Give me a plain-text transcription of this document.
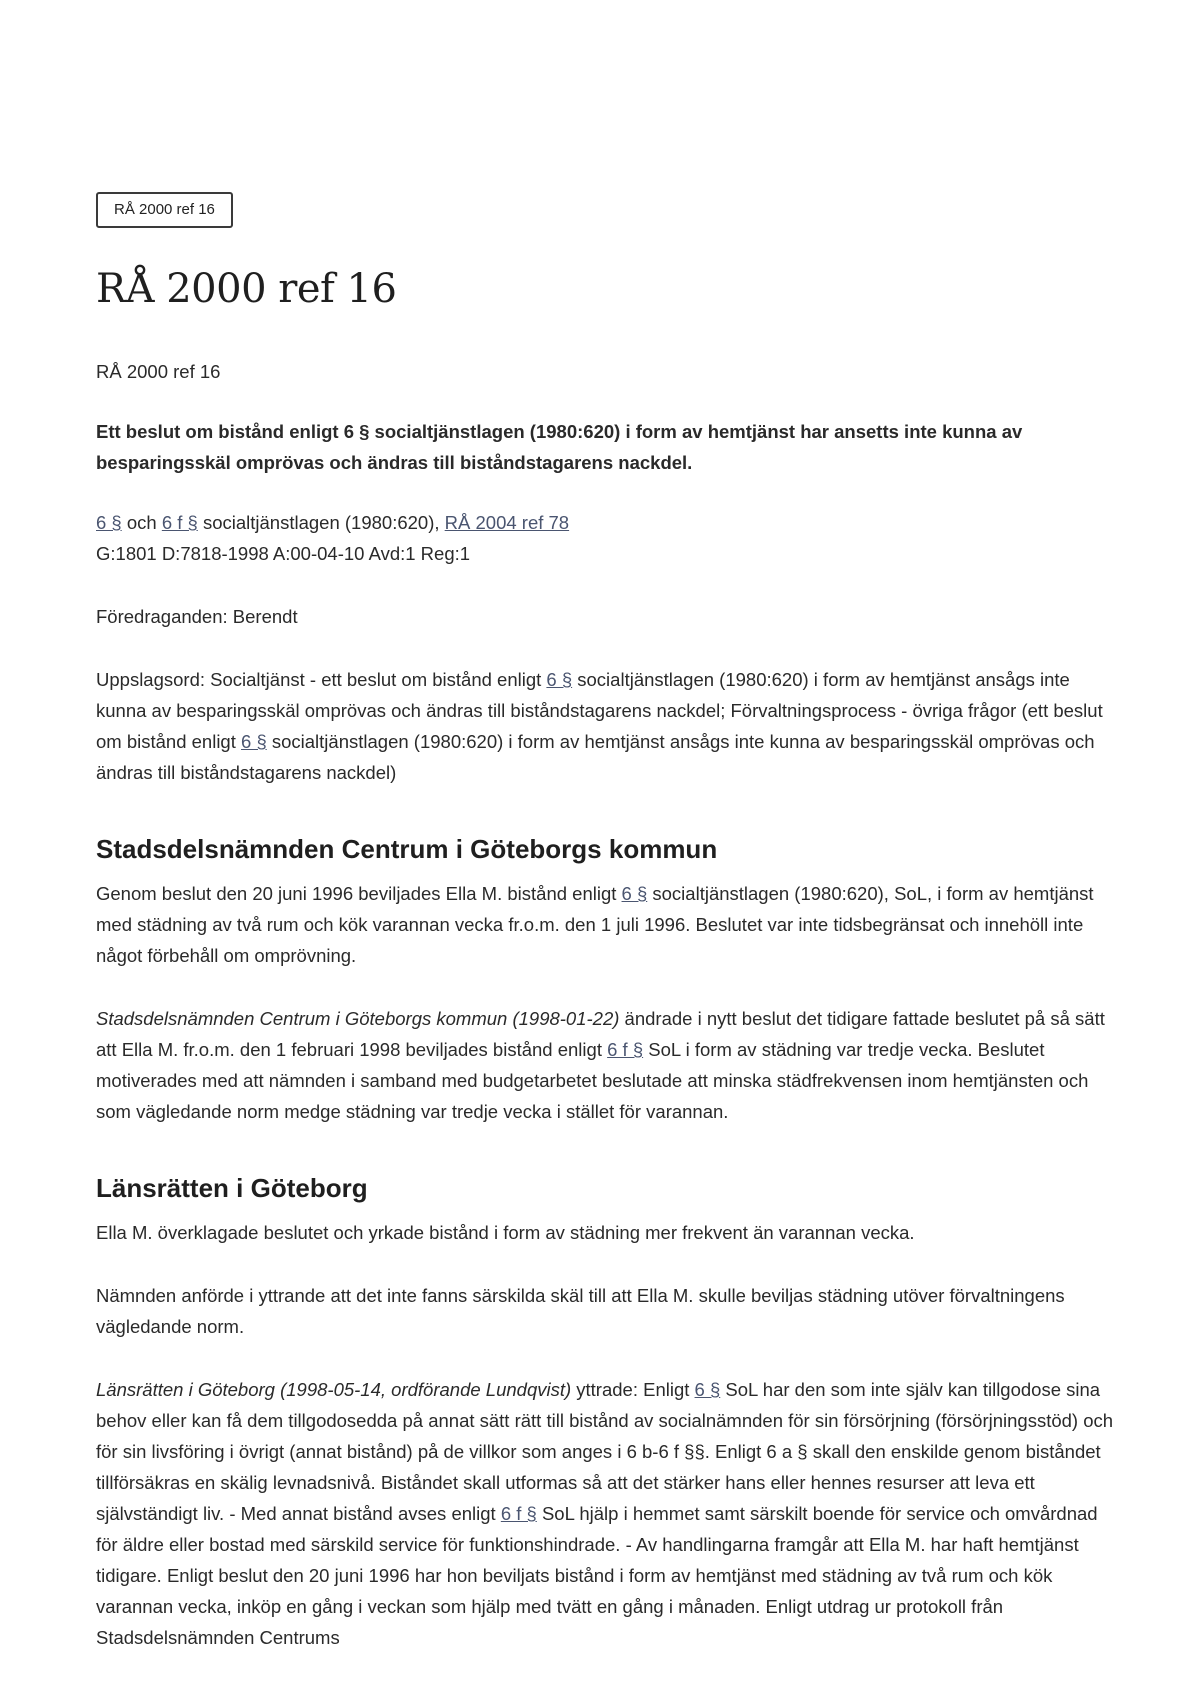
RÅ 2000 ref 16
RÅ 2000 ref 16

RÅ 2000 ref 16

Ett beslut om bistånd enligt 6 § socialtjänstlagen (1980:620) i form av hemtjänst har ansetts inte kunna av besparingsskäl omprövas och ändras till biståndstagarens nackdel.

6 § och 6 f § socialtjänstlagen (1980:620), RÅ 2004 ref 78
G:1801 D:7818-1998 A:00-04-10 Avd:1 Reg:1

Föredraganden: Berendt

Uppslagsord: Socialtjänst - ett beslut om bistånd enligt 6 § socialtjänstlagen (1980:620) i form av hemtjänst ansågs inte kunna av besparingsskäl omprövas och ändras till biståndstagarens nackdel; Förvaltningsprocess - övriga frågor (ett beslut om bistånd enligt 6 § socialtjänstlagen (1980:620) i form av hemtjänst ansågs inte kunna av besparingsskäl omprövas och ändras till biståndstagarens nackdel)

Stadsdelsnämnden Centrum i Göteborgs kommun

Genom beslut den 20 juni 1996 beviljades Ella M. bistånd enligt 6 § socialtjänstlagen (1980:620), SoL, i form av hemtjänst med städning av två rum och kök varannan vecka fr.o.m. den 1 juli 1996. Beslutet var inte tidsbegränsat och innehöll inte något förbehåll om omprövning.

Stadsdelsnämnden Centrum i Göteborgs kommun (1998-01-22) ändrade i nytt beslut det tidigare fattade beslutet på så sätt att Ella M. fr.o.m. den 1 februari 1998 beviljades bistånd enligt 6 f § SoL i form av städning var tredje vecka. Beslutet motiverades med att nämnden i samband med budgetarbetet beslutade att minska städfrekvensen inom hemtjänsten och som vägledande norm medge städning var tredje vecka i stället för varannan.

Länsrätten i Göteborg

Ella M. överklagade beslutet och yrkade bistånd i form av städning mer frekvent än varannan vecka.

Nämnden anförde i yttrande att det inte fanns särskilda skäl till att Ella M. skulle beviljas städning utöver förvaltningens vägledande norm.

Länsrätten i Göteborg (1998-05-14, ordförande Lundqvist) yttrade: Enligt 6 § SoL har den som inte själv kan tillgodose sina behov eller kan få dem tillgodosedda på annat sätt rätt till bistånd av socialnämnden för sin försörjning (försörjningsstöd) och för sin livsföring i övrigt (annat bistånd) på de villkor som anges i 6 b-6 f §§. Enligt 6 a § skall den enskilde genom biståndet tillförsäkras en skälig levnadsnivå. Biståndet skall utformas så att det stärker hans eller hennes resurser att leva ett självständigt liv. - Med annat bistånd avses enligt 6 f § SoL hjälp i hemmet samt särskilt boende för service och omvårdnad för äldre eller bostad med särskild service för funktionshindrade. - Av handlingarna framgår att Ella M. har haft hemtjänst tidigare. Enligt beslut den 20 juni 1996 har hon beviljats bistånd i form av hemtjänst med städning av två rum och kök varannan vecka, inköp en gång i veckan som hjälp med tvätt en gång i månaden. Enligt utdrag ur protokoll från Stadsdelsnämnden Centrums
